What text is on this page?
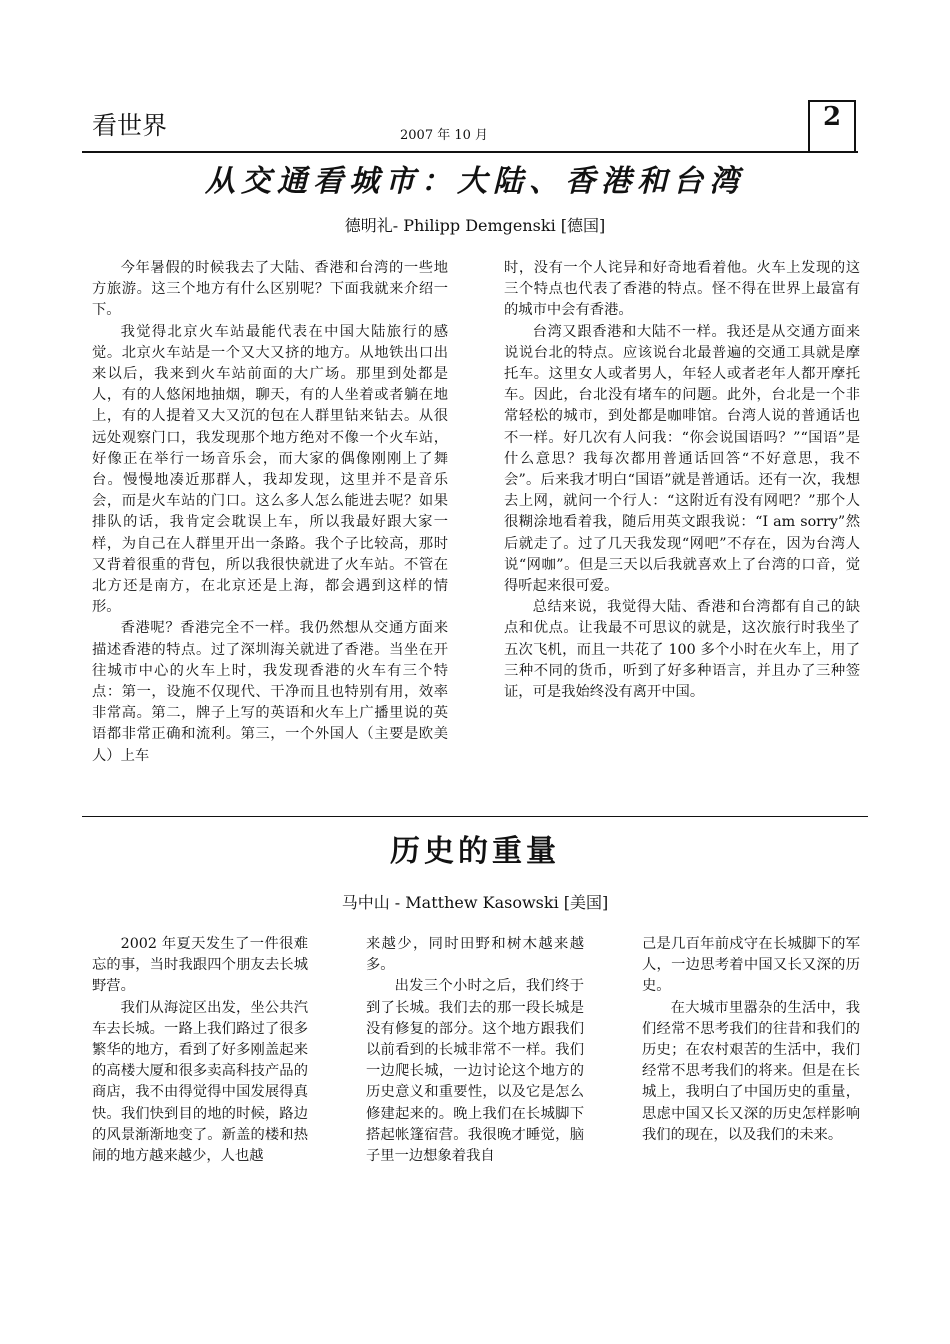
看世界	2007 年 10 月
2
从交通看城市：大陆、香港和台湾
德明礼- Philipp Demgenski [德国]

今年暑假的时候我去了大陆、香港和台湾的一些地方旅游。这三个地方有什么区别呢？下面我就来介绍一下。

我觉得北京火车站最能代表在中国大陆旅行的感觉。北京火车站是一个又大又挤的地方。从地铁出口出来以后，我来到火车站前面的大广场。那里到处都是人，有的人悠闲地抽烟，聊天，有的人坐着或者躺在地上，有的人提着又大又沉的包在人群里钻来钻去。从很远处观察门口，我发现那个地方绝对不像一个火车站，好像正在举行一场音乐会，而大家的偶像刚刚上了舞台。慢慢地凑近那群人，我却发现，这里并不是音乐会，而是火车站的门口。这么多人怎么能进去呢？如果排队的话，我肯定会耽误上车，所以我最好跟大家一样，为自己在人群里开出一条路。我个子比较高，那时又背着很重的背包，所以我很快就进了火车站。不管在北方还是南方，在北京还是上海，都会遇到这样的情形。

香港呢？香港完全不一样。我仍然想从交通方面来描述香港的特点。过了深圳海关就进了香港。当坐在开往城市中心的火车上时，我发现香港的火车有三个特点：第一，设施不仅现代、干净而且也特别有用，效率非常高。第二，牌子上写的英语和火车上广播里说的英语都非常正确和流利。第三，一个外国人（主要是欧美人）上车

时，没有一个人诧异和好奇地看着他。火车上发现的这三个特点也代表了香港的特点。怪不得在世界上最富有的城市中会有香港。

台湾又跟香港和大陆不一样。我还是从交通方面来说说台北的特点。应该说台北最普遍的交通工具就是摩托车。这里女人或者男人，年轻人或者老年人都开摩托车。因此，台北没有堵车的问题。此外，台北是一个非常轻松的城市，到处都是咖啡馆。台湾人说的普通话也不一样。好几次有人问我：“你会说国语吗？”“国语”是什么意思？我每次都用普通话回答“不好意思，我不会”。后来我才明白“国语”就是普通话。还有一次，我想去上网，就问一个行人：“这附近有没有网吧？”那个人很糊涂地看着我，随后用英文跟我说：“I am sorry”然后就走了。过了几天我发现“网吧”不存在，因为台湾人说“网咖”。但是三天以后我就喜欢上了台湾的口音，觉得听起来很可爱。

总结来说，我觉得大陆、香港和台湾都有自己的缺点和优点。让我最不可思议的就是，这次旅行时我坐了五次飞机，而且一共花了 100 多个小时在火车上，用了三种不同的货币，听到了好多种语言，并且办了三种签证，可是我始终没有离开中国。

历史的重量
马中山 - Matthew Kasowski [美国]

2002 年夏天发生了一件很难忘的事，当时我跟四个朋友去长城野营。

我们从海淀区出发，坐公共汽车去长城。一路上我们路过了很多繁华的地方，看到了好多刚盖起来的高楼大厦和很多卖高科技产品的商店，我不由得觉得中国发展得真快。我们快到目的地的时候，路边的风景渐渐地变了。新盖的楼和热闹的地方越来越少，人也越

来越少，同时田野和树木越来越多。

出发三个小时之后，我们终于到了长城。我们去的那一段长城是没有修复的部分。这个地方跟我们以前看到的长城非常不一样。我们一边爬长城，一边讨论这个地方的历史意义和重要性，以及它是怎么修建起来的。晚上我们在长城脚下搭起帐篷宿营。我很晚才睡觉，脑子里一边想象着我自

己是几百年前戍守在长城脚下的军人，一边思考着中国又长又深的历史。

在大城市里嚣杂的生活中，我们经常不思考我们的往昔和我们的历史；在农村艰苦的生活中，我们经常不思考我们的将来。但是在长城上，我明白了中国历史的重量，思虑中国又长又深的历史怎样影响我们的现在，以及我们的未来。
